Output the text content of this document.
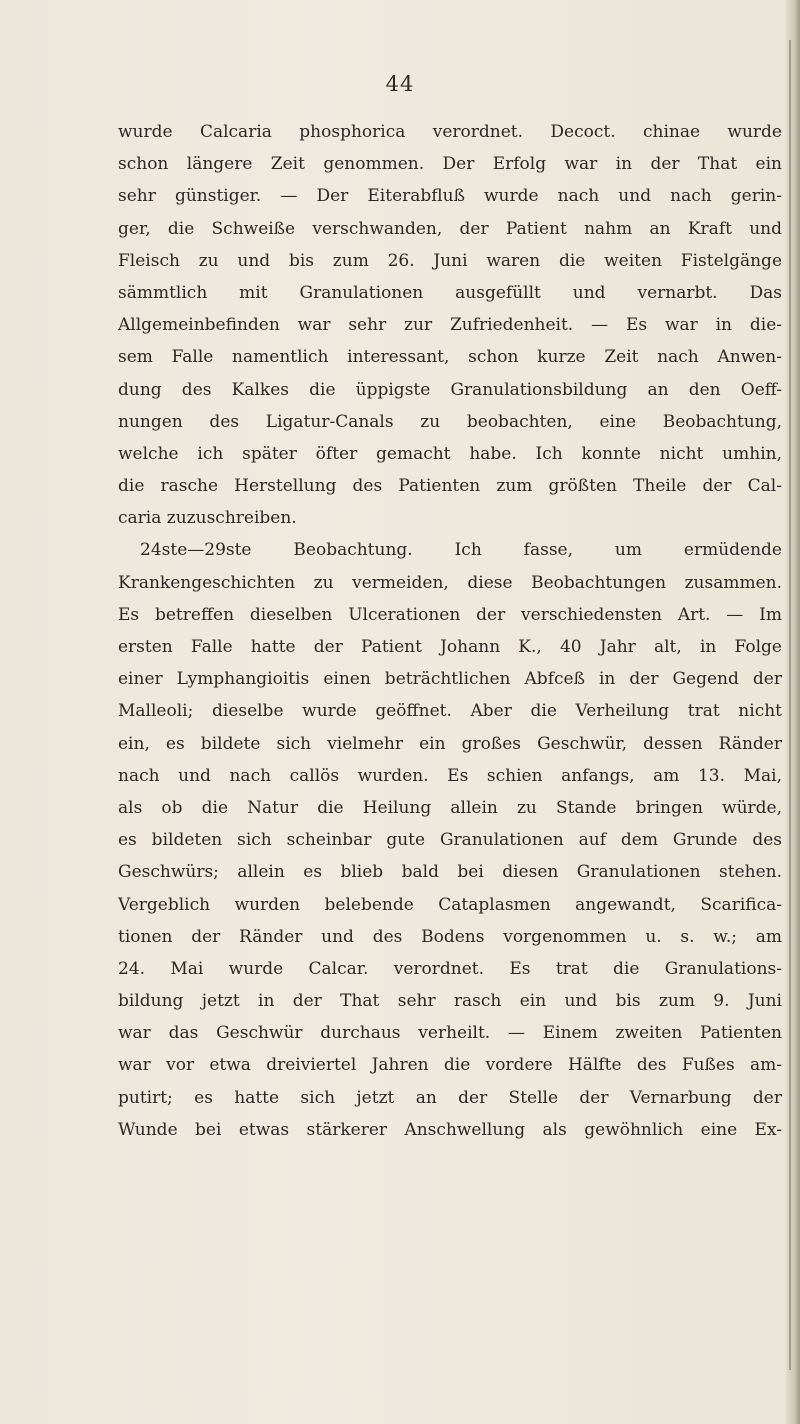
44
wurde Calcaria phosphorica verordnet. Decoct. chinae wurde
schon längere Zeit genommen. Der Erfolg war in der That ein
sehr günstiger. — Der Eiterabfluß wurde nach und nach gerin-
ger, die Schweiße verschwanden, der Patient nahm an Kraft und
Fleisch zu und bis zum 26. Juni waren die weiten Fistelgänge
sämmtlich mit Granulationen ausgefüllt und vernarbt. Das
Allgemeinbefinden war sehr zur Zufriedenheit. — Es war in die-
sem Falle namentlich interessant, schon kurze Zeit nach Anwen-
dung des Kalkes die üppigste Granulationsbildung an den Oeff-
nungen des Ligatur-Canals zu beobachten, eine Beobachtung,
welche ich später öfter gemacht habe. Ich konnte nicht umhin,
die rasche Herstellung des Patienten zum größten Theile der Cal-
caria zuzuschreiben.
24ste—29ste Beobachtung. Ich fasse, um ermüdende
Krankengeschichten zu vermeiden, diese Beobachtungen zusammen.
Es betreffen dieselben Ulcerationen der verschiedensten Art. — Im
ersten Falle hatte der Patient Johann K., 40 Jahr alt, in Folge
einer Lymphangioitis einen beträchtlichen Abfceß in der Gegend der
Malleoli; dieselbe wurde geöffnet. Aber die Verheilung trat nicht
ein, es bildete sich vielmehr ein großes Geschwür, dessen Ränder
nach und nach callös wurden. Es schien anfangs, am 13. Mai,
als ob die Natur die Heilung allein zu Stande bringen würde,
es bildeten sich scheinbar gute Granulationen auf dem Grunde des
Geschwürs; allein es blieb bald bei diesen Granulationen stehen.
Vergeblich wurden belebende Cataplasmen angewandt, Scarifica-
tionen der Ränder und des Bodens vorgenommen u. s. w.; am
24. Mai wurde Calcar. verordnet. Es trat die Granulations-
bildung jetzt in der That sehr rasch ein und bis zum 9. Juni
war das Geschwür durchaus verheilt. — Einem zweiten Patienten
war vor etwa dreiviertel Jahren die vordere Hälfte des Fußes am-
putirt; es hatte sich jetzt an der Stelle der Vernarbung der
Wunde bei etwas stärkerer Anschwellung als gewöhnlich eine Ex-
